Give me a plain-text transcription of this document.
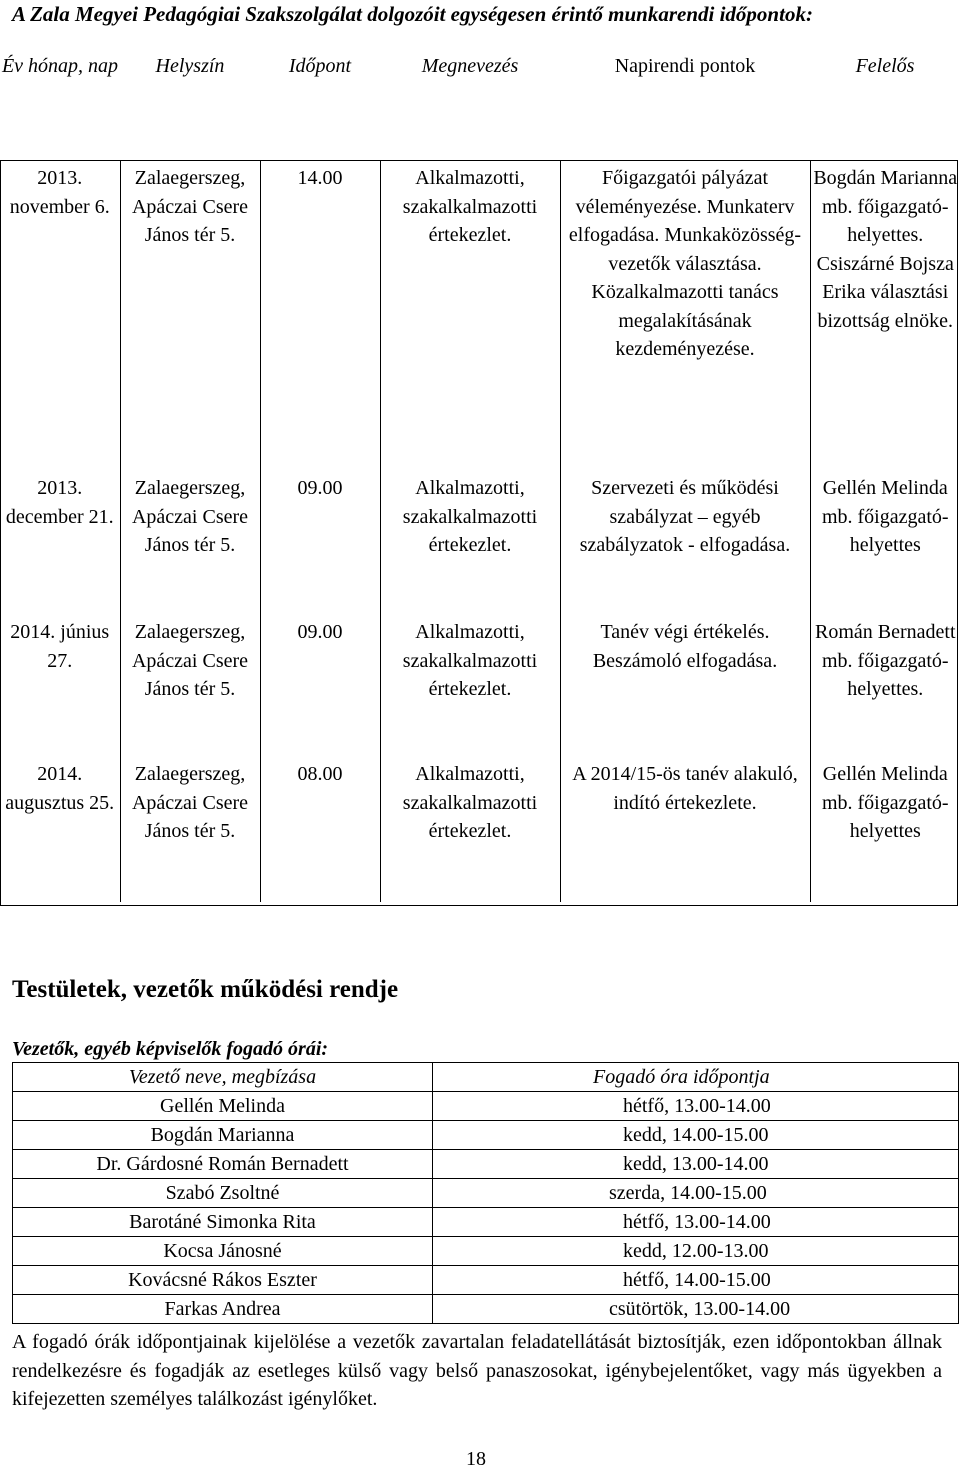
A Zala Megyei Pedagógiai Szakszolgálat dolgozóit egységesen érintő munkarendi időpontok:
Év hónap, nap	Helyszín	Időpont	Megnevezés	Napirendi pontok	Felelős

2013. november 6.	Zalaegerszeg, Apáczai Csere János tér 5.	14.00	Alkalmazotti, szakalkalmazotti értekezlet.	Főigazgatói pályázat véleményezése. Munkaterv elfogadása. Munkaközösség-vezetők választása. Közalkalmazotti tanács megalakításának kezdeményezése.	Bogdán Marianna mb. főigazgató-helyettes. Csiszárné Bojsza Erika választási bizottság elnöke.
2013. december 21.	Zalaegerszeg, Apáczai Csere János tér 5.	09.00	Alkalmazotti, szakalkalmazotti értekezlet.	Szervezeti és működési szabályzat – egyéb szabályzatok - elfogadása.	Gellén Melinda mb. főigazgató-helyettes
2014. június 27.	Zalaegerszeg, Apáczai Csere János tér 5.	09.00	Alkalmazotti, szakalkalmazotti értekezlet.	Tanév végi értékelés. Beszámoló elfogadása.	Román Bernadett mb. főigazgató-helyettes.
2014. augusztus 25.	Zalaegerszeg, Apáczai Csere János tér 5.	08.00	Alkalmazotti, szakalkalmazotti értekezlet.	A 2014/15-ös tanév alakuló, indító értekezlete.	Gellén Melinda mb. főigazgató-helyettes
Testületek, vezetők működési rendje
Vezetők, egyéb képviselők fogadó órái:
Vezető neve, megbízása	Fogadó óra időpontja
Gellén Melinda	hétfő, 13.00-14.00
Bogdán Marianna	kedd, 14.00-15.00
Dr. Gárdosné Román Bernadett	kedd, 13.00-14.00
Szabó Zsoltné	szerda, 14.00-15.00
Barotáné Simonka Rita	hétfő, 13.00-14.00
Kocsa Jánosné	kedd, 12.00-13.00
Kovácsné Rákos Eszter	hétfő, 14.00-15.00
Farkas Andrea	csütörtök, 13.00-14.00
A fogadó órák időpontjainak kijelölése a vezetők zavartalan feladatellátását biztosítják, ezen időpontokban állnak rendelkezésre és fogadják az esetleges külső vagy belső panaszosokat, igénybejelentőket, vagy más ügyekben a kifejezetten személyes találkozást igénylőket.
18
